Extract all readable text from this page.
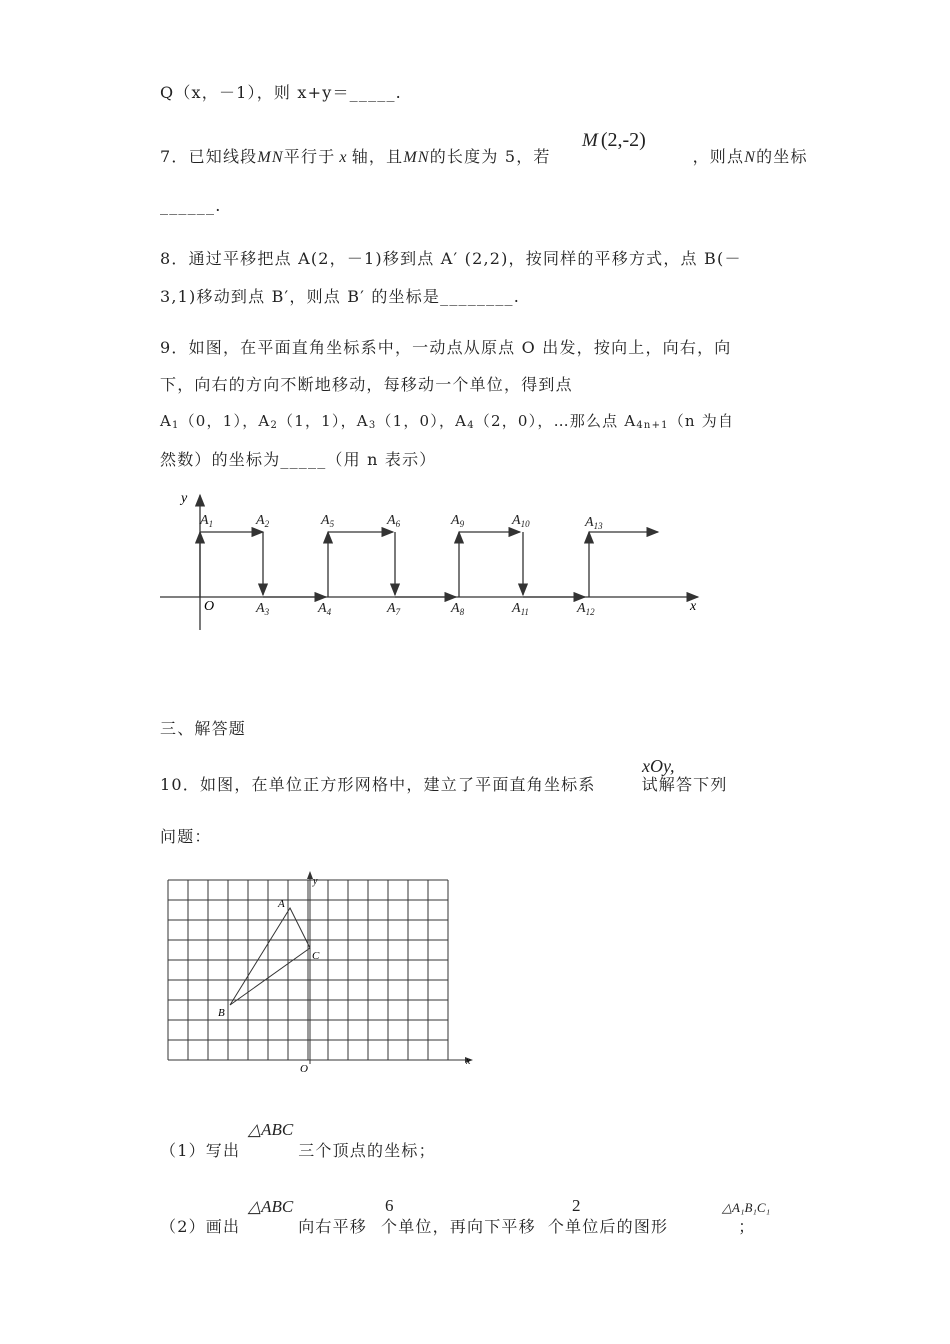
Q（x，－1），则 x+y＝_____.
7．已知线段MN平行于 x 轴，且MN的长度为 5，若	，则点N的坐标
M (2,-2)
______.
8．通过平移把点 A(2，－1)移到点 A′ (2,2)，按同样的平移方式，点 B(－
3,1)移动到点 B′，则点 B′ 的坐标是________.
9．如图，在平面直角坐标系中，一动点从原点 O 出发，按向上，向右，向
下，向右的方向不断地移动，每移动一个单位，得到点
$A_1(0$，1），$A_2(1$，1），$A_3(1$，0），$A_4(2$，0），…那么点 $A_{4n+1}(n$ 为自
然数）的坐标为_____（用 n 表示）
y
x
O
$A_1$	$A_2$	$A_5$	$A_6$	$A_9$	$A_{10}$	$A_{13}$
$A_3$	$A_4$	$A_7$	$A_8$	$A_{11}$	$A_{12}$
三、解答题
10．如图，在单位正方形网格中，建立了平面直角坐标系	试解答下列
xOy,
问题：
y
x
O
A
C
B
（1）写出	三个顶点的坐标；
△ABC
（2）画出	向右平移 个单位，再向下平移 个单位后的图形	；
△ABC	6	2	△A₁B₁C₁
